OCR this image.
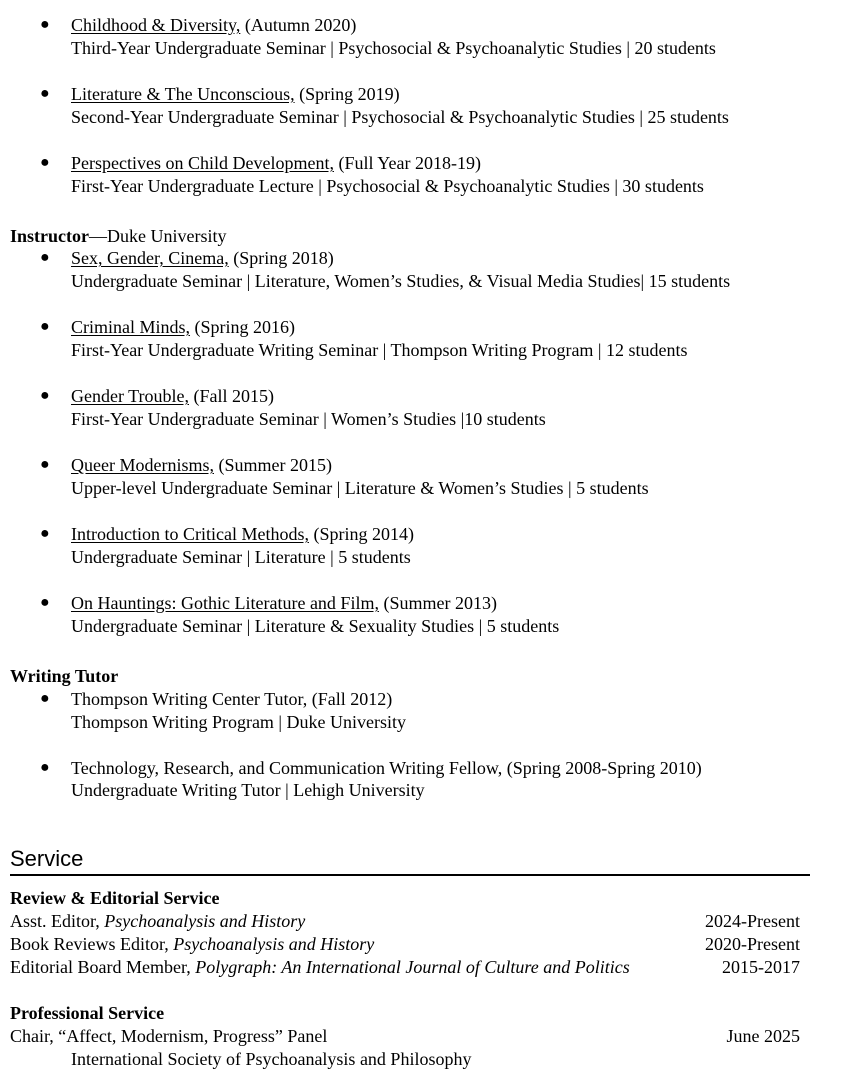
● Childhood & Diversity, (Autumn 2020)
Third-Year Undergraduate Seminar | Psychosocial & Psychoanalytic Studies | 20 students
● Literature & The Unconscious, (Spring 2019)
Second-Year Undergraduate Seminar | Psychosocial & Psychoanalytic Studies | 25 students
● Perspectives on Child Development, (Full Year 2018-19)
First-Year Undergraduate Lecture | Psychosocial & Psychoanalytic Studies | 30 students
Instructor—Duke University
● Sex, Gender, Cinema, (Spring 2018)
Undergraduate Seminar | Literature, Women’s Studies, & Visual Media Studies| 15 students
● Criminal Minds, (Spring 2016)
First-Year Undergraduate Writing Seminar | Thompson Writing Program | 12 students
● Gender Trouble, (Fall 2015)
First-Year Undergraduate Seminar | Women’s Studies |10 students
● Queer Modernisms, (Summer 2015)
Upper-level Undergraduate Seminar | Literature & Women’s Studies | 5 students
● Introduction to Critical Methods, (Spring 2014)
Undergraduate Seminar | Literature | 5 students
● On Hauntings: Gothic Literature and Film, (Summer 2013)
Undergraduate Seminar | Literature & Sexuality Studies | 5 students
Writing Tutor
● Thompson Writing Center Tutor, (Fall 2012)
Thompson Writing Program | Duke University
● Technology, Research, and Communication Writing Fellow, (Spring 2008-Spring 2010)
Undergraduate Writing Tutor | Lehigh University
Service
Review & Editorial Service
Asst. Editor, Psychoanalysis and History	2024-Present
Book Reviews Editor, Psychoanalysis and History	2020-Present
Editorial Board Member, Polygraph: An International Journal of Culture and Politics	2015-2017
Professional Service
Chair, “Affect, Modernism, Progress” Panel	June 2025
International Society of Psychoanalysis and Philosophy
